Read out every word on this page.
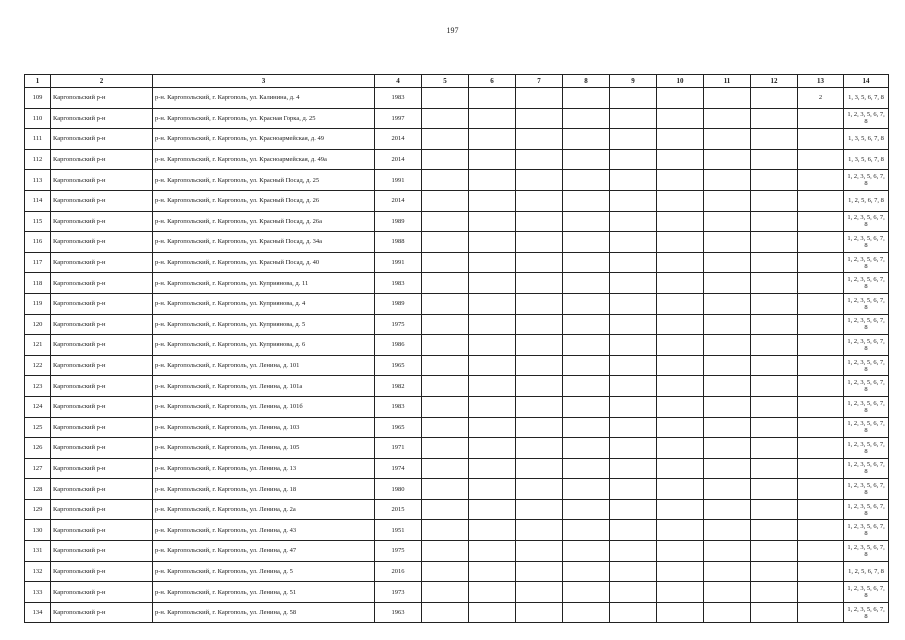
197
1	2	3	4	5	6	7	8	9	10	11	12	13	14
109	Каргопольский р-н	р-н. Каргопольский, г. Каргополь, ул. Калинина, д. 4	1983									2	1, 3, 5, 6, 7, 8
110	Каргопольский р-н	р-н. Каргопольский, г. Каргополь, ул. Красная Горка, д. 25	1997										1, 2, 3, 5, 6, 7, 8
111	Каргопольский р-н	р-н. Каргопольский, г. Каргополь, ул. Красноармейская, д. 49	2014										1, 3, 5, 6, 7, 8
112	Каргопольский р-н	р-н. Каргопольский, г. Каргополь, ул. Красноармейская, д. 49а	2014										1, 3, 5, 6, 7, 8
113	Каргопольский р-н	р-н. Каргопольский, г. Каргополь, ул. Красный Посад, д. 25	1991										1, 2, 3, 5, 6, 7, 8
114	Каргопольский р-н	р-н. Каргопольский, г. Каргополь, ул. Красный Посад, д. 26	2014										1, 2, 5, 6, 7, 8
115	Каргопольский р-н	р-н. Каргопольский, г. Каргополь, ул. Красный Посад, д. 26а	1989										1, 2, 3, 5, 6, 7, 8
116	Каргопольский р-н	р-н. Каргопольский, г. Каргополь, ул. Красный Посад, д. 34а	1988										1, 2, 3, 5, 6, 7, 8
117	Каргопольский р-н	р-н. Каргопольский, г. Каргополь, ул. Красный Посад, д. 40	1991										1, 2, 3, 5, 6, 7, 8
118	Каргопольский р-н	р-н. Каргопольский, г. Каргополь, ул. Куприянова, д. 11	1983										1, 2, 3, 5, 6, 7, 8
119	Каргопольский р-н	р-н. Каргопольский, г. Каргополь, ул. Куприянова, д. 4	1989										1, 2, 3, 5, 6, 7, 8
120	Каргопольский р-н	р-н. Каргопольский, г. Каргополь, ул. Куприянова, д. 5	1975										1, 2, 3, 5, 6, 7, 8
121	Каргопольский р-н	р-н. Каргопольский, г. Каргополь, ул. Куприянова, д. 6	1986										1, 2, 3, 5, 6, 7, 8
122	Каргопольский р-н	р-н. Каргопольский, г. Каргополь, ул. Ленина, д. 101	1965										1, 2, 3, 5, 6, 7, 8
123	Каргопольский р-н	р-н. Каргопольский, г. Каргополь, ул. Ленина, д. 101а	1982										1, 2, 3, 5, 6, 7, 8
124	Каргопольский р-н	р-н. Каргопольский, г. Каргополь, ул. Ленина, д. 101б	1983										1, 2, 3, 5, 6, 7, 8
125	Каргопольский р-н	р-н. Каргопольский, г. Каргополь, ул. Ленина, д. 103	1965										1, 2, 3, 5, 6, 7, 8
126	Каргопольский р-н	р-н. Каргопольский, г. Каргополь, ул. Ленина, д. 105	1971										1, 2, 3, 5, 6, 7, 8
127	Каргопольский р-н	р-н. Каргопольский, г. Каргополь, ул. Ленина, д. 13	1974										1, 2, 3, 5, 6, 7, 8
128	Каргопольский р-н	р-н. Каргопольский, г. Каргополь, ул. Ленина, д. 18	1980										1, 2, 3, 5, 6, 7, 8
129	Каргопольский р-н	р-н. Каргопольский, г. Каргополь, ул. Ленина, д. 2а	2015										1, 2, 3, 5, 6, 7, 8
130	Каргопольский р-н	р-н. Каргопольский, г. Каргополь, ул. Ленина, д. 43	1951										1, 2, 3, 5, 6, 7, 8
131	Каргопольский р-н	р-н. Каргопольский, г. Каргополь, ул. Ленина, д. 47	1975										1, 2, 3, 5, 6, 7, 8
132	Каргопольский р-н	р-н. Каргопольский, г. Каргополь, ул. Ленина, д. 5	2016										1, 2, 5, 6, 7, 8
133	Каргопольский р-н	р-н. Каргопольский, г. Каргополь, ул. Ленина, д. 51	1973										1, 2, 3, 5, 6, 7, 8
134	Каргопольский р-н	р-н. Каргопольский, г. Каргополь, ул. Ленина, д. 58	1963										1, 2, 3, 5, 6, 7, 8
